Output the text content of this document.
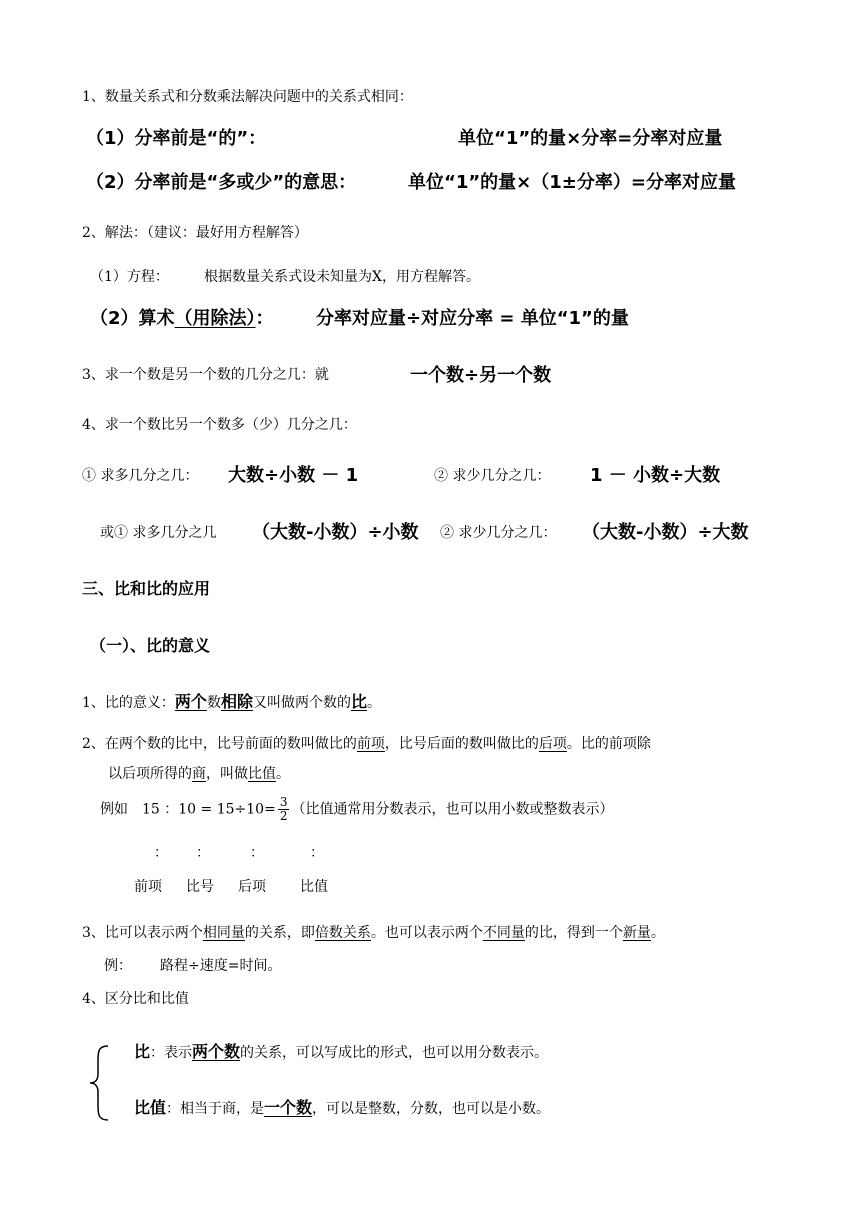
1、数量关系式和分数乘法解决问题中的关系式相同：
（1）分率前是“的”：	单位“1”的量×分率=分率对应量
（2）分率前是“多或少”的意思：	单位“1”的量×（1±分率）=分率对应量
2、解法：（建议：最好用方程解答）
（1）方程：	根据数量关系式设未知量为X，用方程解答。
（2）算术（用除法）： 分率对应量÷对应分率 = 单位“1”的量
3、求一个数是另一个数的几分之几：就	一个数÷另一个数
4、求一个数比另一个数多（少）几分之几：
① 求多几分之几： 大数÷小数 － 1	② 求少几分之几： 1 － 小数÷大数
或① 求多几分之几 （大数-小数）÷小数 ② 求少几分之几： （大数-小数）÷大数
三、比和比的应用
（一）、比的意义
1、比的意义：两个数相除又叫做两个数的比。
2、在两个数的比中，比号前面的数叫做比的前项，比号后面的数叫做比的后项。比的前项除
以后项所得的商，叫做比值。
例如　15 ：$10 = 15\div 10= \frac{3}{2}$ （比值通常用分数表示，也可以用小数或整数表示）
： ：	：	：
前项 比号 后项 比值
3、比可以表示两个相同量的关系，即倍数关系。也可以表示两个不同量的比，得到一个新量。
例： 路程÷速度=时间。
4、区分比和比值
比：表示两个数的关系，可以写成比的形式，也可以用分数表示。
比值：相当于商，是一个数，可以是整数，分数，也可以是小数。
